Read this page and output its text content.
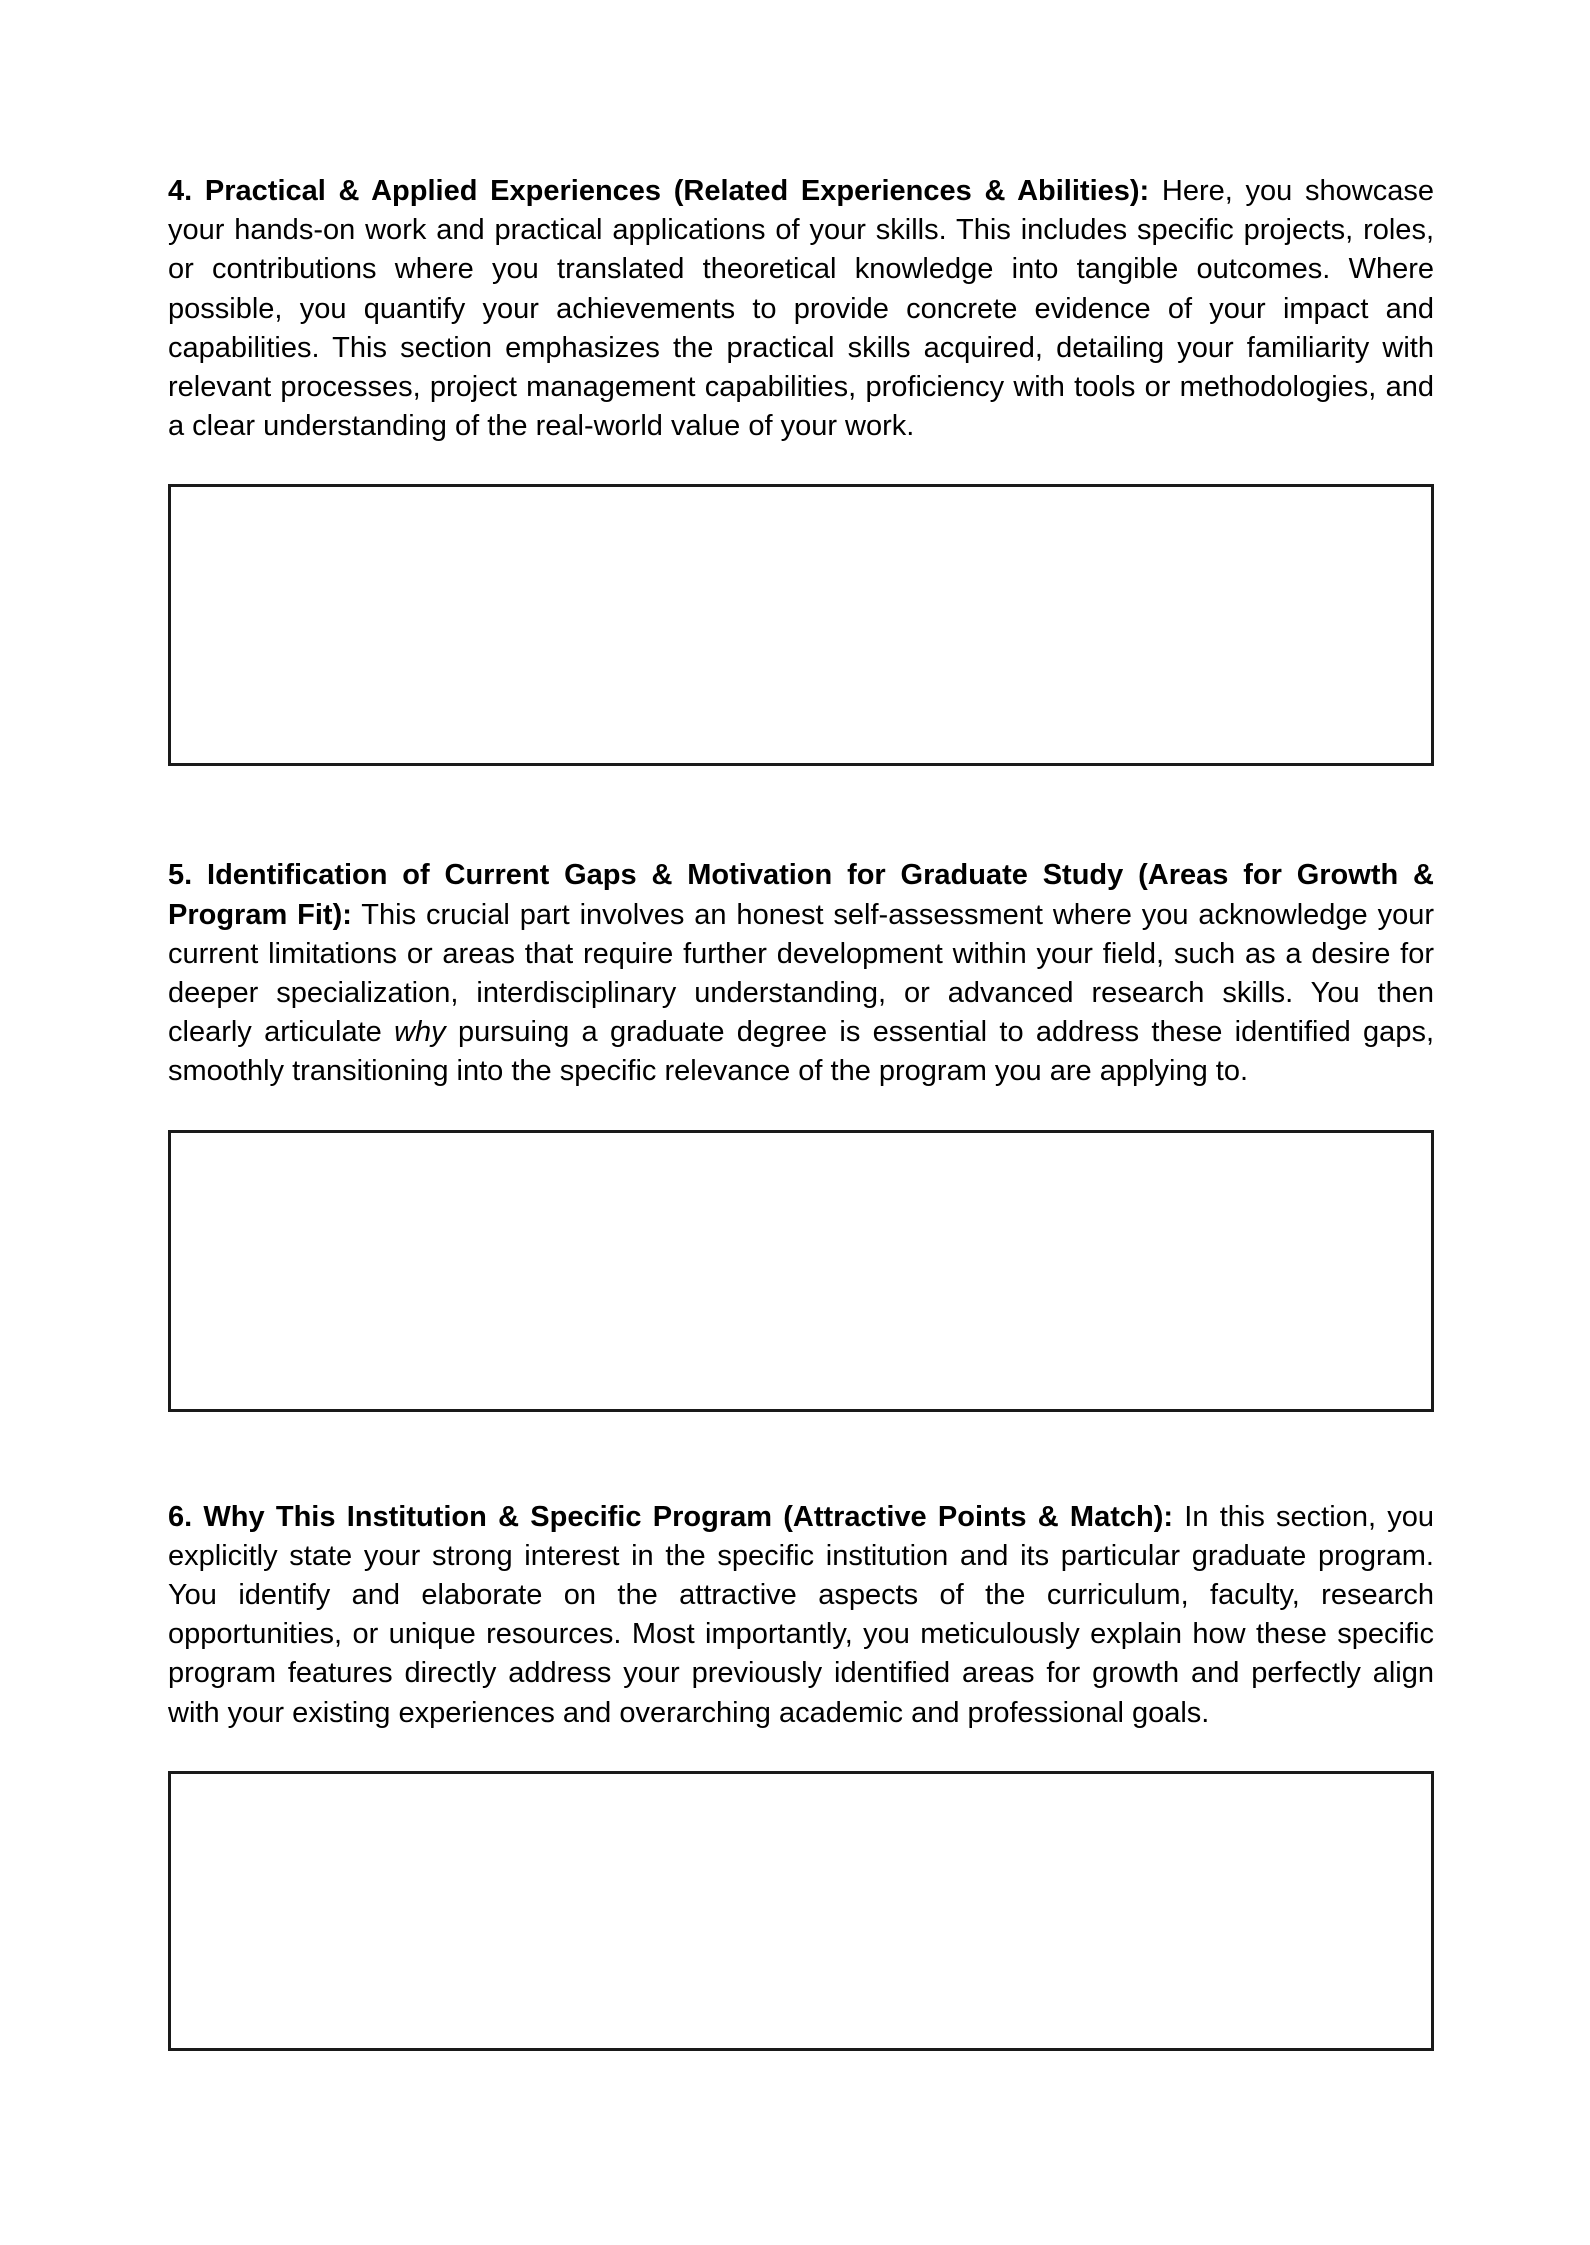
4. Practical & Applied Experiences (Related Experiences & Abilities): Here, you showcase your hands-on work and practical applications of your skills. This includes specific projects, roles, or contributions where you translated theoretical knowledge into tangible outcomes. Where possible, you quantify your achievements to provide concrete evidence of your impact and capabilities. This section emphasizes the practical skills acquired, detailing your familiarity with relevant processes, project management capabilities, proficiency with tools or methodologies, and a clear understanding of the real-world value of your work.

5. Identification of Current Gaps & Motivation for Graduate Study (Areas for Growth & Program Fit): This crucial part involves an honest self-assessment where you acknowledge your current limitations or areas that require further development within your field, such as a desire for deeper specialization, interdisciplinary understanding, or advanced research skills. You then clearly articulate why pursuing a graduate degree is essential to address these identified gaps, smoothly transitioning into the specific relevance of the program you are applying to.

6. Why This Institution & Specific Program (Attractive Points & Match): In this section, you explicitly state your strong interest in the specific institution and its particular graduate program. You identify and elaborate on the attractive aspects of the curriculum, faculty, research opportunities, or unique resources. Most importantly, you meticulously explain how these specific program features directly address your previously identified areas for growth and perfectly align with your existing experiences and overarching academic and professional goals.
